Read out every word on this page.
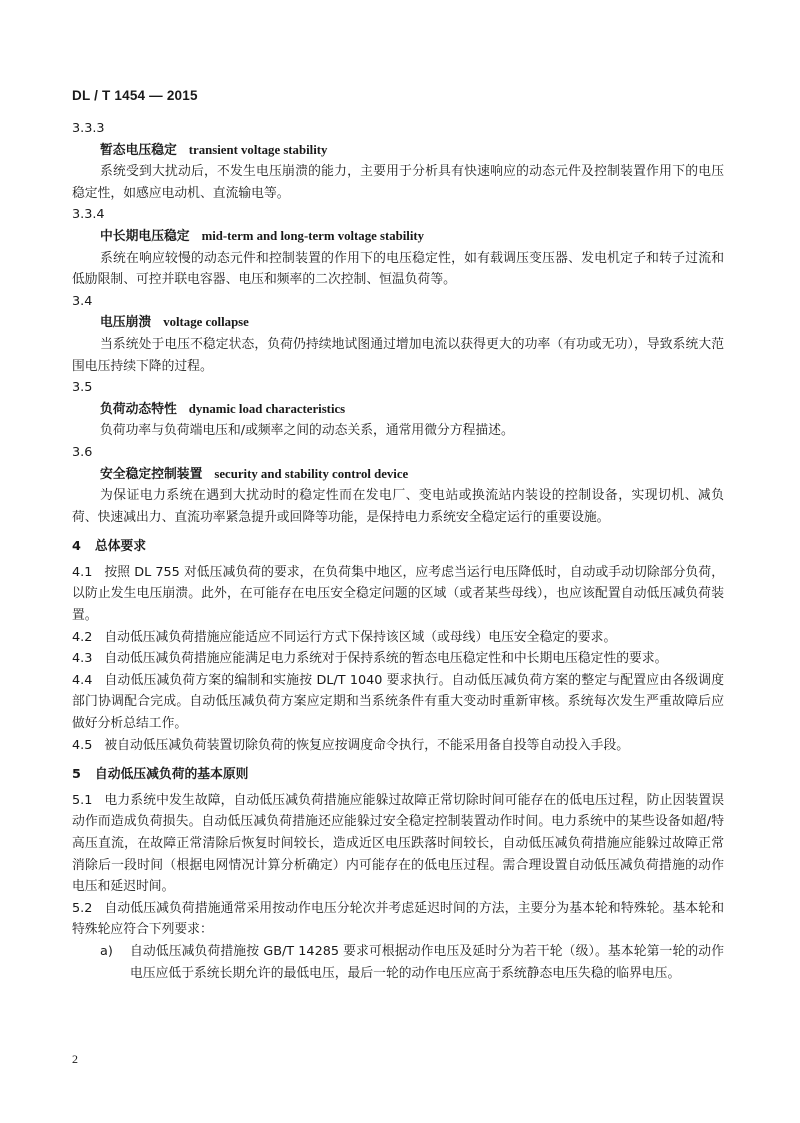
DL / T 1454 — 2015

3.3.3

暂态电压稳定 transient voltage stability

系统受到大扰动后，不发生电压崩溃的能力，主要用于分析具有快速响应的动态元件及控制装置作用下的电压稳定性，如感应电动机、直流输电等。

3.3.4

中长期电压稳定 mid-term and long-term voltage stability

系统在响应较慢的动态元件和控制装置的作用下的电压稳定性，如有载调压变压器、发电机定子和转子过流和低励限制、可控并联电容器、电压和频率的二次控制、恒温负荷等。

3.4

电压崩溃 voltage collapse

当系统处于电压不稳定状态，负荷仍持续地试图通过增加电流以获得更大的功率（有功或无功），导致系统大范围电压持续下降的过程。

3.5

负荷动态特性 dynamic load characteristics

负荷功率与负荷端电压和/或频率之间的动态关系，通常用微分方程描述。

3.6

安全稳定控制装置 security and stability control device

为保证电力系统在遇到大扰动时的稳定性而在发电厂、变电站或换流站内装设的控制设备，实现切机、减负荷、快速减出力、直流功率紧急提升或回降等功能，是保持电力系统安全稳定运行的重要设施。

4 总体要求

4.1 按照 DL 755 对低压减负荷的要求，在负荷集中地区，应考虑当运行电压降低时，自动或手动切除部分负荷，以防止发生电压崩溃。此外，在可能存在电压安全稳定问题的区域（或者某些母线），也应该配置自动低压减负荷装置。

4.2 自动低压减负荷措施应能适应不同运行方式下保持该区域（或母线）电压安全稳定的要求。

4.3 自动低压减负荷措施应能满足电力系统对于保持系统的暂态电压稳定性和中长期电压稳定性的要求。

4.4 自动低压减负荷方案的编制和实施按 DL/T 1040 要求执行。自动低压减负荷方案的整定与配置应由各级调度部门协调配合完成。自动低压减负荷方案应定期和当系统条件有重大变动时重新审核。系统每次发生严重故障后应做好分析总结工作。

4.5 被自动低压减负荷装置切除负荷的恢复应按调度命令执行，不能采用备自投等自动投入手段。

5 自动低压减负荷的基本原则

5.1 电力系统中发生故障，自动低压减负荷措施应能躲过故障正常切除时间可能存在的低电压过程，防止因装置误动作而造成负荷损失。自动低压减负荷措施还应能躲过安全稳定控制装置动作时间。电力系统中的某些设备如超/特高压直流，在故障正常清除后恢复时间较长，造成近区电压跌落时间较长，自动低压减负荷措施应能躲过故障正常消除后一段时间（根据电网情况计算分析确定）内可能存在的低电压过程。需合理设置自动低压减负荷措施的动作电压和延迟时间。

5.2 自动低压减负荷措施通常采用按动作电压分轮次并考虑延迟时间的方法，主要分为基本轮和特殊轮。基本轮和特殊轮应符合下列要求：

a) 自动低压减负荷措施按 GB/T 14285 要求可根据动作电压及延时分为若干轮（级）。基本轮第一轮的动作电压应低于系统长期允许的最低电压，最后一轮的动作电压应高于系统静态电压失稳的临界电压。

2
